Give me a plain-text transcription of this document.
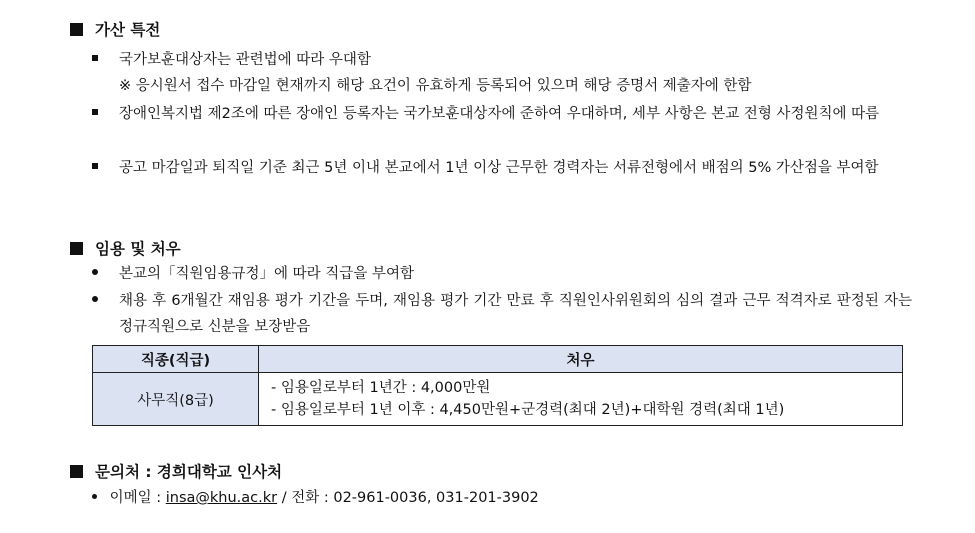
가산 특전
국가보훈대상자는 관련법에 따라 우대함
※ 응시원서 접수 마감일 현재까지 해당 요건이 유효하게 등록되어 있으며 해당 증명서 제출자에 한함
장애인복지법 제2조에 따른 장애인 등록자는 국가보훈대상자에 준하여 우대하며, 세부 사항은 본교 전형 사정원칙에 따름
공고 마감일과 퇴직일 기준 최근 5년 이내 본교에서 1년 이상 근무한 경력자는 서류전형에서 배점의 5% 가산점을 부여함
임용 및 처우
본교의「직원임용규정」에 따라 직급을 부여함
채용 후 6개월간 재임용 평가 기간을 두며, 재임용 평가 기간 만료 후 직원인사위원회의 심의 결과 근무 적격자로 판정된 자는 정규직원으로 신분을 보장받음
직종(직급)	처우
사무직(8급)	- 임용일로부터 1년간 : 4,000만원
- 임용일로부터 1년 이후 : 4,450만원+군경력(최대 2년)+대학원 경력(최대 1년)
문의처 : 경희대학교 인사처
이메일 : insa@khu.ac.kr / 전화 : 02-961-0036, 031-201-3902
